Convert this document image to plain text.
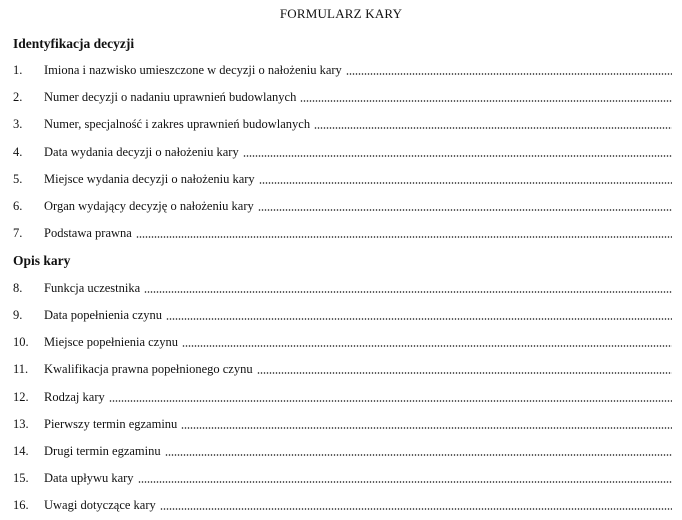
FORMULARZ KARY
Identyfikacja decyzji
1.	Imiona i nazwisko umieszczone w decyzji o nałożeniu kary
2.	Numer decyzji o nadaniu uprawnień budowlanych
3.	Numer, specjalność i zakres uprawnień budowlanych
4.	Data wydania decyzji o nałożeniu kary
5.	Miejsce wydania decyzji o nałożeniu kary
6.	Organ wydający decyzję o nałożeniu kary
7.	Podstawa prawna
Opis kary
8.	Funkcja uczestnika
9.	Data popełnienia czynu
10.	Miejsce popełnienia czynu
11.	Kwalifikacja prawna popełnionego czynu
12.	Rodzaj kary
13.	Pierwszy termin egzaminu
14.	Drugi termin egzaminu
15.	Data upływu kary
16.	Uwagi dotyczące kary
